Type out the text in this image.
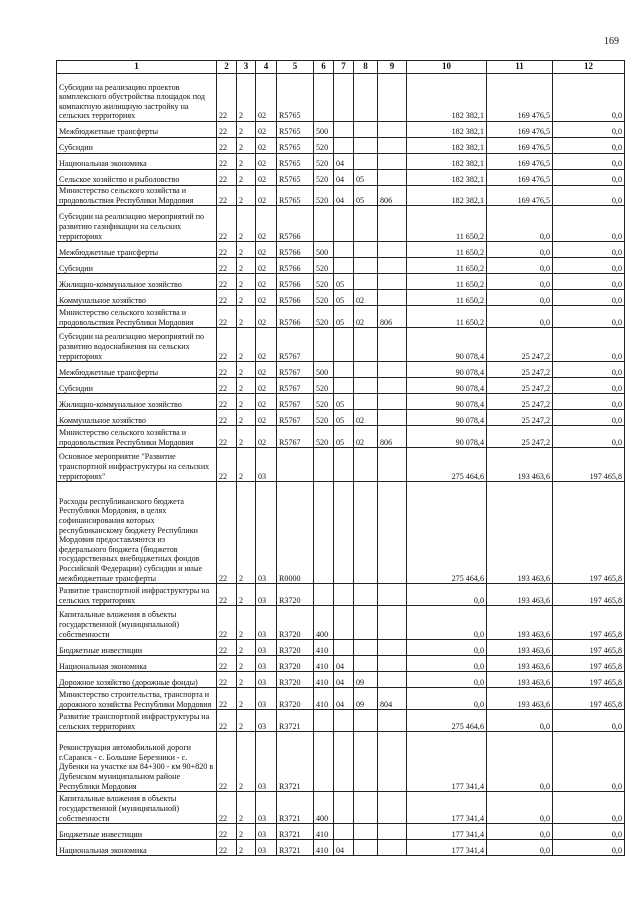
169
1	2	3	4	5	6	7	8	9	10	11	12
Субсидии на реализацию проектов комплексного обустройства площадок под компактную жилищную застройку на сельских территориях	22	2	02	R5765					182 382,1	169 476,5	0,0
Межбюджетные трансферты	22	2	02	R5765	500				182 382,1	169 476,5	0,0
Субсидии	22	2	02	R5765	520				182 382,1	169 476,5	0,0
Национальная экономика	22	2	02	R5765	520	04			182 382,1	169 476,5	0,0
Сельское хозяйство и рыболовство	22	2	02	R5765	520	04	05		182 382,1	169 476,5	0,0
Министерство сельского хозяйства и продовольствия Республики Мордовия	22	2	02	R5765	520	04	05	806	182 382,1	169 476,5	0,0
Субсидии на реализацию мероприятий по развитию газификации на сельских территориях	22	2	02	R5766					11 650,2	0,0	0,0
Межбюджетные трансферты	22	2	02	R5766	500				11 650,2	0,0	0,0
Субсидии	22	2	02	R5766	520				11 650,2	0,0	0,0
Жилищно-коммунальное хозяйство	22	2	02	R5766	520	05			11 650,2	0,0	0,0
Коммунальное хозяйство	22	2	02	R5766	520	05	02		11 650,2	0,0	0,0
Министерство сельского хозяйства и продовольствия Республики Мордовия	22	2	02	R5766	520	05	02	806	11 650,2	0,0	0,0
Субсидии на реализацию мероприятий по развитию водоснабжения на сельских территориях	22	2	02	R5767					90 078,4	25 247,2	0,0
Межбюджетные трансферты	22	2	02	R5767	500				90 078,4	25 247,2	0,0
Субсидии	22	2	02	R5767	520				90 078,4	25 247,2	0,0
Жилищно-коммунальное хозяйство	22	2	02	R5767	520	05			90 078,4	25 247,2	0,0
Коммунальное хозяйство	22	2	02	R5767	520	05	02		90 078,4	25 247,2	0,0
Министерство сельского хозяйства и продовольствия Республики Мордовия	22	2	02	R5767	520	05	02	806	90 078,4	25 247,2	0,0
Основное мероприятие "Развитие транспортной инфраструктуры на сельских территориях"	22	2	03						275 464,6	193 463,6	197 465,8
Расходы республиканского бюджета Республики Мордовия, в целях софинансирования которых республиканскому бюджету Республики Мордовия предоставляются из федерального бюджета (бюджетов государственных внебюджетных фондов Российской Федерации) субсидии и иные межбюджетные трансферты	22	2	03	R0000					275 464,6	193 463,6	197 465,8
Развитие транспортной инфраструктуры на сельских территориях	22	2	03	R3720					0,0	193 463,6	197 465,8
Капитальные вложения в объекты государственной (муниципальной) собственности	22	2	03	R3720	400				0,0	193 463,6	197 465,8
Бюджетные инвестиции	22	2	03	R3720	410				0,0	193 463,6	197 465,8
Национальная экономика	22	2	03	R3720	410	04			0,0	193 463,6	197 465,8
Дорожное хозяйство (дорожные фонды)	22	2	03	R3720	410	04	09		0,0	193 463,6	197 465,8
Министерство строительства, транспорта и дорожного хозяйства Республики Мордовия	22	2	03	R3720	410	04	09	804	0,0	193 463,6	197 465,8
Развитие транспортной инфраструктуры на сельских территориях	22	2	03	R3721					275 464,6	0,0	0,0
Реконструкция автомобильной дороги г.Саранск - с. Большие Березники - с. Дубенки на участке км 84+300 - км 90+820 в Дубенском муниципальном районе Республики Мордовия	22	2	03	R3721					177 341,4	0,0	0,0
Капитальные вложения в объекты государственной (муниципальной) собственности	22	2	03	R3721	400				177 341,4	0,0	0,0
Бюджетные инвестиции	22	2	03	R3721	410				177 341,4	0,0	0,0
Национальная экономика	22	2	03	R3721	410	04			177 341,4	0,0	0,0
